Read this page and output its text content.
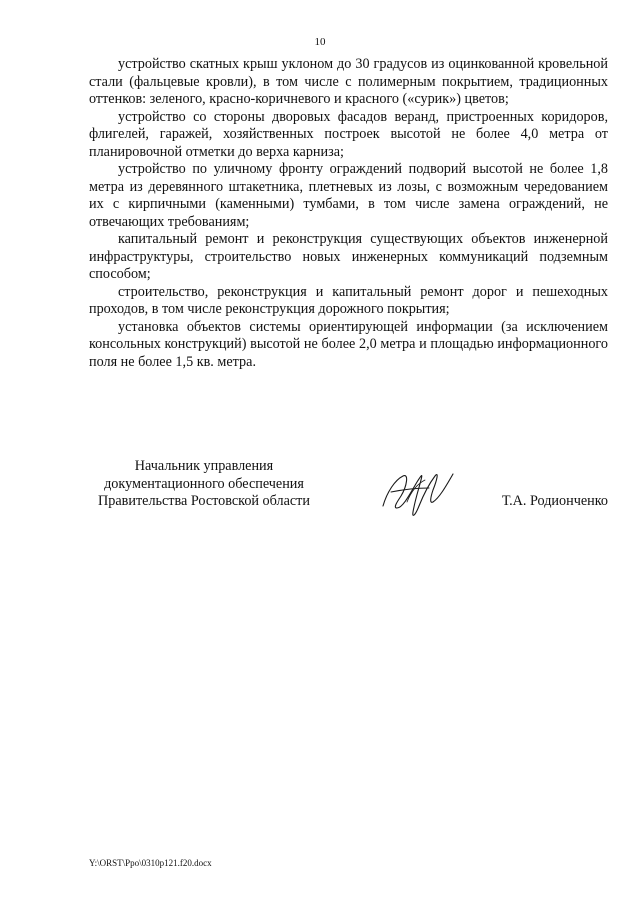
10

устройство скатных крыш уклоном до 30 градусов из оцинкованной кровельной стали (фальцевые кровли), в том числе с полимерным покрытием, традиционных оттенков: зеленого, красно-коричневого и красного («сурик») цветов;

устройство со стороны дворовых фасадов веранд, пристроенных коридоров, флигелей, гаражей, хозяйственных построек высотой не более 4,0 метра от планировочной отметки до верха карниза;

устройство по уличному фронту ограждений подворий высотой не более 1,8 метра из деревянного штакетника, плетневых из лозы, с возможным чередованием их с кирпичными (каменными) тумбами, в том числе замена ограждений, не отвечающих требованиям;

капитальный ремонт и реконструкция существующих объектов инженерной инфраструктуры, строительство новых инженерных коммуникаций подземным способом;

строительство, реконструкция и капитальный ремонт дорог и пешеходных проходов, в том числе реконструкция дорожного покрытия;

установка объектов системы ориентирующей информации (за исключением консольных конструкций) высотой не более 2,0 метра и площадью информационного поля не более 1,5 кв. метра.

Начальник управления
документационного обеспечения
Правительства Ростовской области	Т.А. Родионченко
Y:\ORST\Ppo\0310p121.f20.docx
